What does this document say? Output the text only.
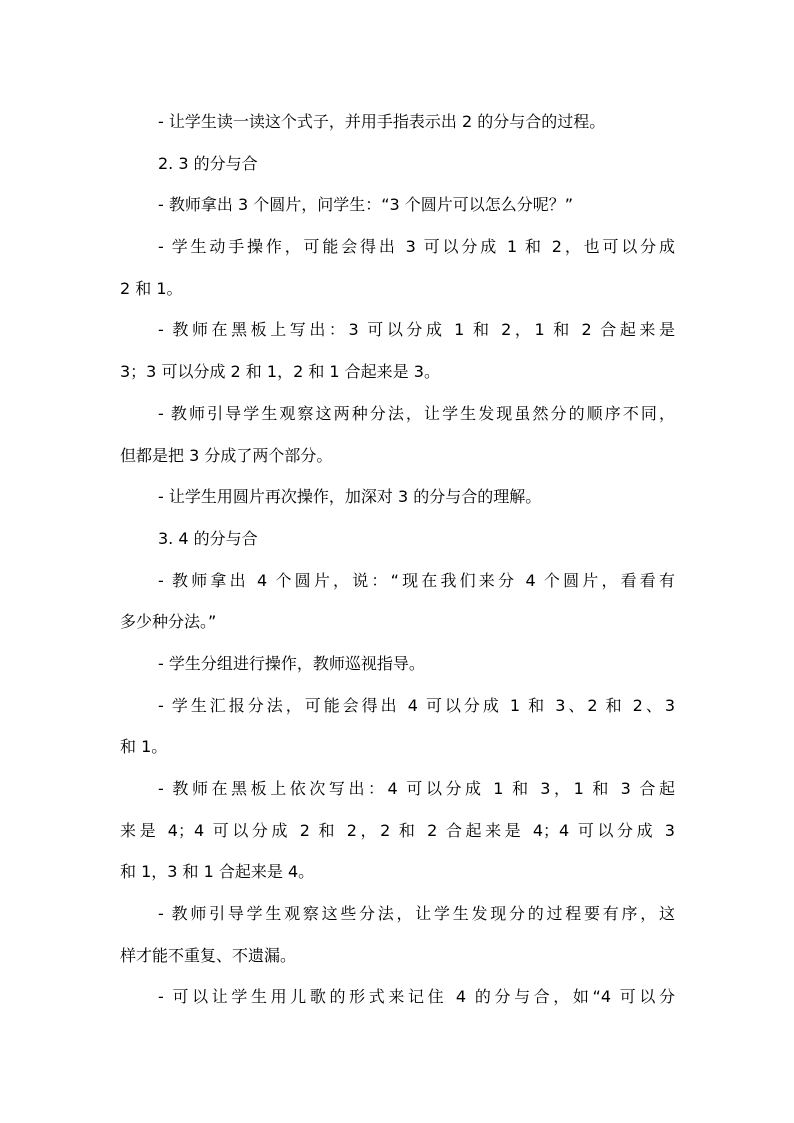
- 让学生读一读这个式子，并用手指表示出 2 的分与合的过程。
2. 3 的分与合
- 教师拿出 3 个圆片，问学生：“3 个圆片可以怎么分呢？”
- 学生动手操作，可能会得出 3 可以分成 1 和 2，也可以分成
2 和 1。
- 教师在黑板上写出：3 可以分成 1 和 2，1 和 2 合起来是
3；3 可以分成 2 和 1，2 和 1 合起来是 3。
- 教师引导学生观察这两种分法，让学生发现虽然分的顺序不同，
但都是把 3 分成了两个部分。
- 让学生用圆片再次操作，加深对 3 的分与合的理解。
3. 4 的分与合
- 教师拿出 4 个圆片，说：“现在我们来分 4 个圆片，看看有
多少种分法。”
- 学生分组进行操作，教师巡视指导。
- 学生汇报分法，可能会得出 4 可以分成 1 和 3、2 和 2、3
和 1。
- 教师在黑板上依次写出：4 可以分成 1 和 3，1 和 3 合起
来是 4；4 可以分成 2 和 2，2 和 2 合起来是 4；4 可以分成 3
和 1，3 和 1 合起来是 4。
- 教师引导学生观察这些分法，让学生发现分的过程要有序，这
样才能不重复、不遗漏。
- 可以让学生用儿歌的形式来记住 4 的分与合，如“4 可以分
